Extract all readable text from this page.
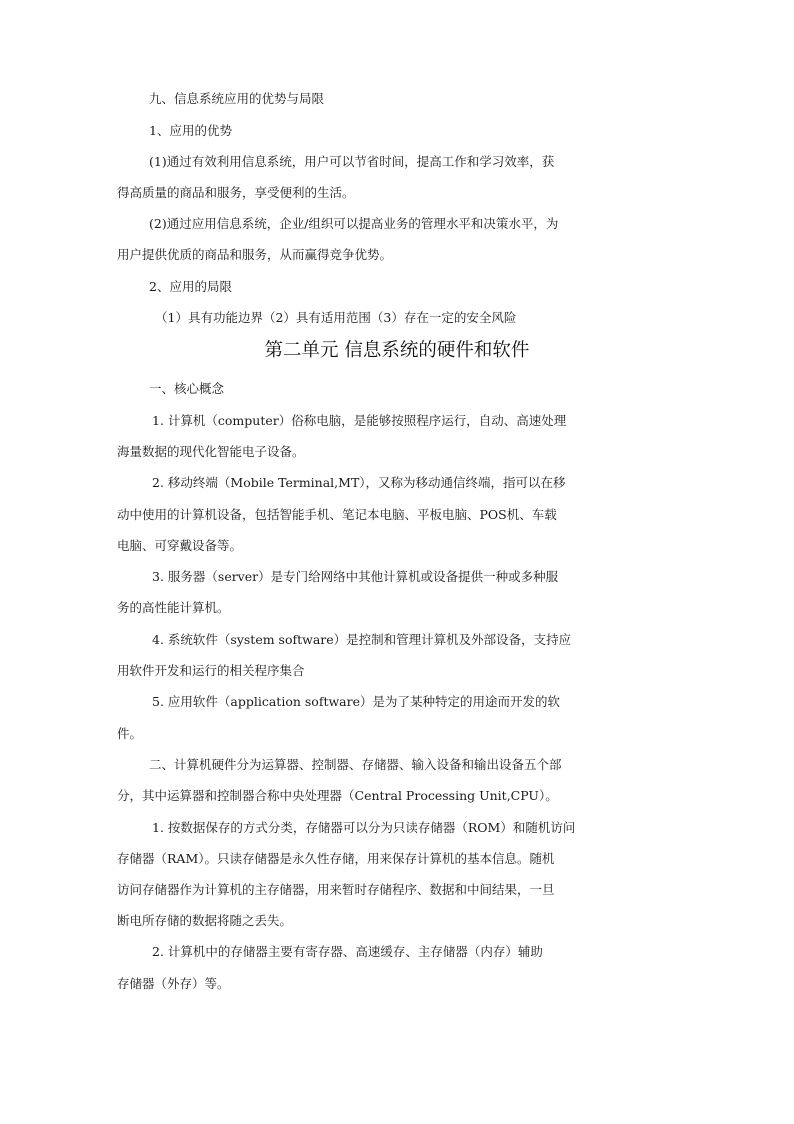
九、信息系统应用的优势与局限
1、应用的优势
(1)通过有效利用信息系统，用户可以节省时间，提高工作和学习效率，获
得高质量的商品和服务，享受便利的生活。
(2)通过应用信息系统，企业/组织可以提高业务的管理水平和决策水平，为
用户提供优质的商品和服务，从而赢得竞争优势。
2、应用的局限
（1）具有功能边界（2）具有适用范围（3）存在一定的安全风险
第二单元 信息系统的硬件和软件
一、核心概念
1. 计算机（computer）俗称电脑，是能够按照程序运行，自动、高速处理
海量数据的现代化智能电子设备。
2. 移动终端（Mobile Terminal,MT），又称为移动通信终端，指可以在移
动中使用的计算机设备，包括智能手机、笔记本电脑、平板电脑、POS机、车载
电脑、可穿戴设备等。
3. 服务器（server）是专门给网络中其他计算机或设备提供一种或多种服
务的高性能计算机。
4. 系统软件（system software）是控制和管理计算机及外部设备，支持应
用软件开发和运行的相关程序集合
5. 应用软件（application software）是为了某种特定的用途而开发的软
件。
二、计算机硬件分为运算器、控制器、存储器、输入设备和输出设备五个部
分，其中运算器和控制器合称中央处理器（Central Processing Unit,CPU）。
1. 按数据保存的方式分类，存储器可以分为只读存储器（ROM）和随机访问
存储器（RAM）。只读存储器是永久性存储，用来保存计算机的基本信息。随机
访问存储器作为计算机的主存储器，用来暂时存储程序、数据和中间结果，一旦
断电所存储的数据将随之丢失。
2. 计算机中的存储器主要有寄存器、高速缓存、主存储器（内存）辅助
存储器（外存）等。
